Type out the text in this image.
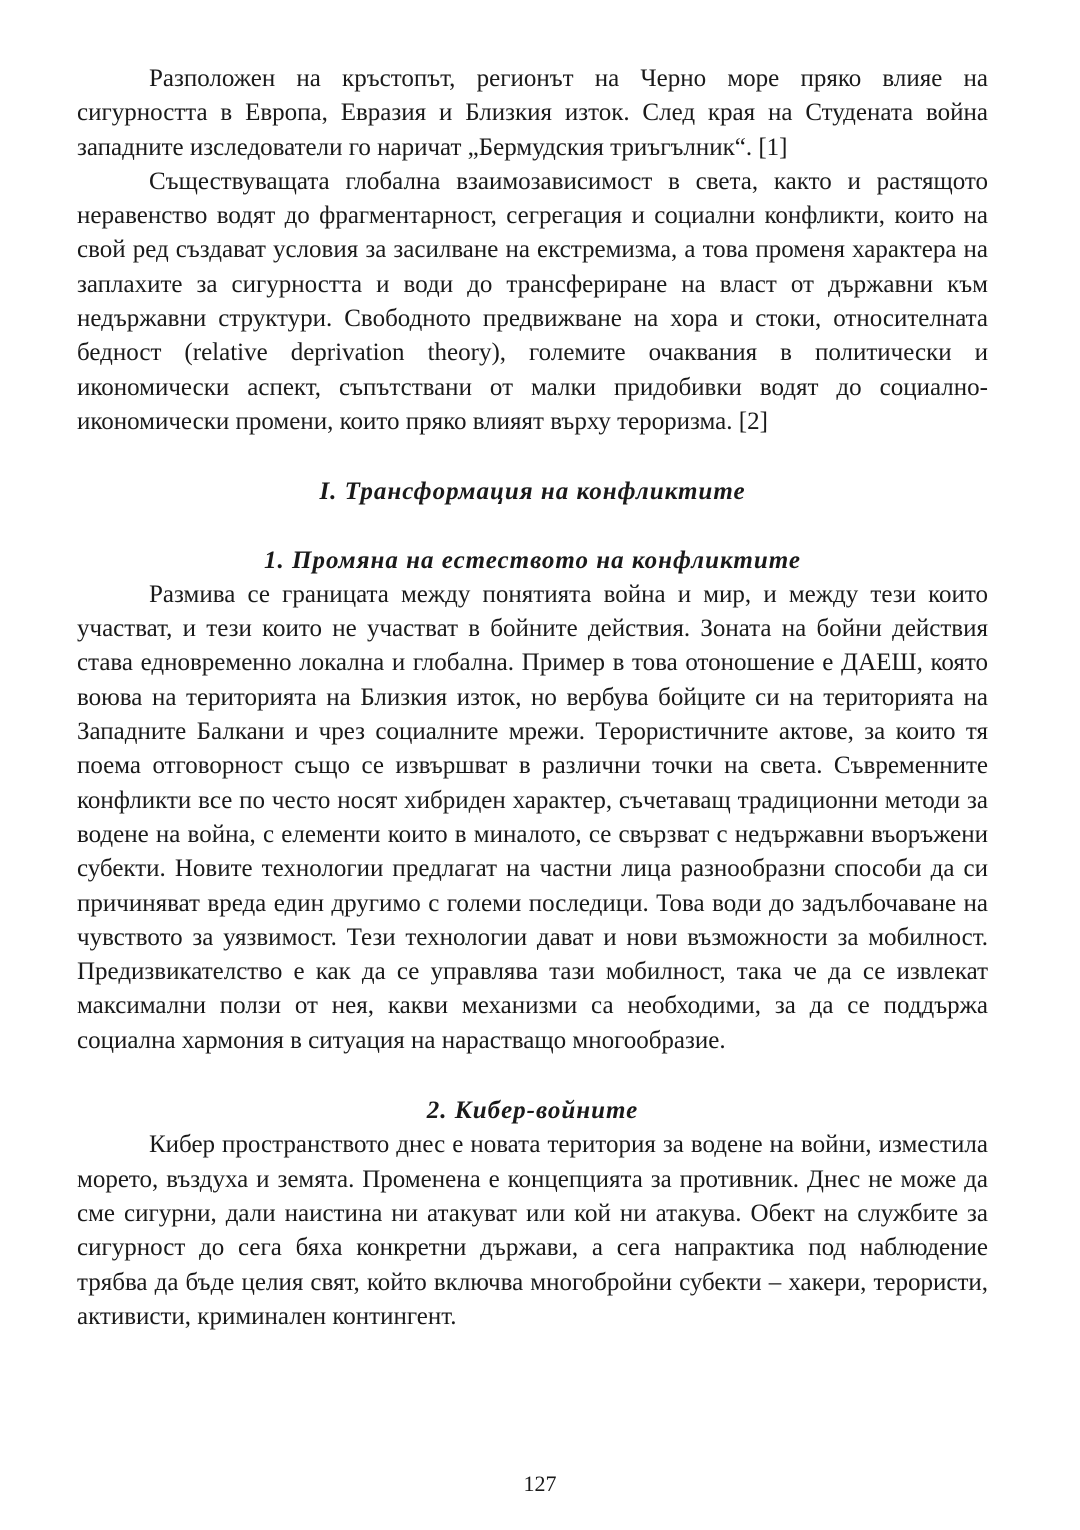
Разположен на кръстопът, регионът на Черно море пряко влияе на сигурността в Европа, Евразия и Близкия изток. След края на Студената война западните изследователи го наричат „Бермудския триъгълник“. [1]

Съществуващата глобална взаимозависимост в света, както и растящото неравенство водят до фрагментарност, сегрегация и социални конфликти, които на свой ред създават условия за засилване на екстремизма, а това променя характера на заплахите за сигурността и води до трансфериране на власт от държавни към недържавни структури. Свободното предвижване на хора и стоки, относителната бедност (relative deprivation theory), големите очаквания в политически и икономически аспект, съпътствани от малки придобивки водят до социално-икономически промени, които пряко влияят върху тероризма. [2]

I. Трансформация на конфликтите
1. Промяна на естеството на конфликтите

Размива се границата между понятията война и мир, и между тези които участват, и тези които не участват в бойните действия. Зоната на бойни действия става едновременно локална и глобална. Пример в това отоношение е ДАЕШ, която воюва на територията на Близкия изток, но вербува бойците си на територията на Западните Балкани и чрез социалните мрежи. Терористичните актове, за които тя поема отговорност също се извършват в различни точки на света. Съвременните конфликти все по често носят хибриден характер, съчетаващ традиционни методи за водене на война, с елементи които в миналото, се свързват с недържавни въоръжени субекти. Новите технологии предлагат на частни лица разнообразни способи да си причиняват вреда един другимо с големи последици. Това води до задълбочаване на чувството за уязвимост. Тези технологии дават и нови възможности за мобилност. Предизвикателство е как да се управлява тази мобилност, така че да се извлекат максимални ползи от нея, какви механизми са необходими, за да се поддържа социална хармония в ситуация на нарастващо многообразие.

2. Кибер-войните

Кибер пространството днес е новата територия за водене на войни, изместила морето, въздуха и земята. Променена е концепцията за противник. Днес не може да сме сигурни, дали наистина ни атакуват или кой ни атакува. Обект на службите за сигурност до сега бяха конкретни държави, а сега напрактика под наблюдение трябва да бъде целия свят, който включва многобройни субекти – хакери, терористи, активисти, криминален контингент.

127
